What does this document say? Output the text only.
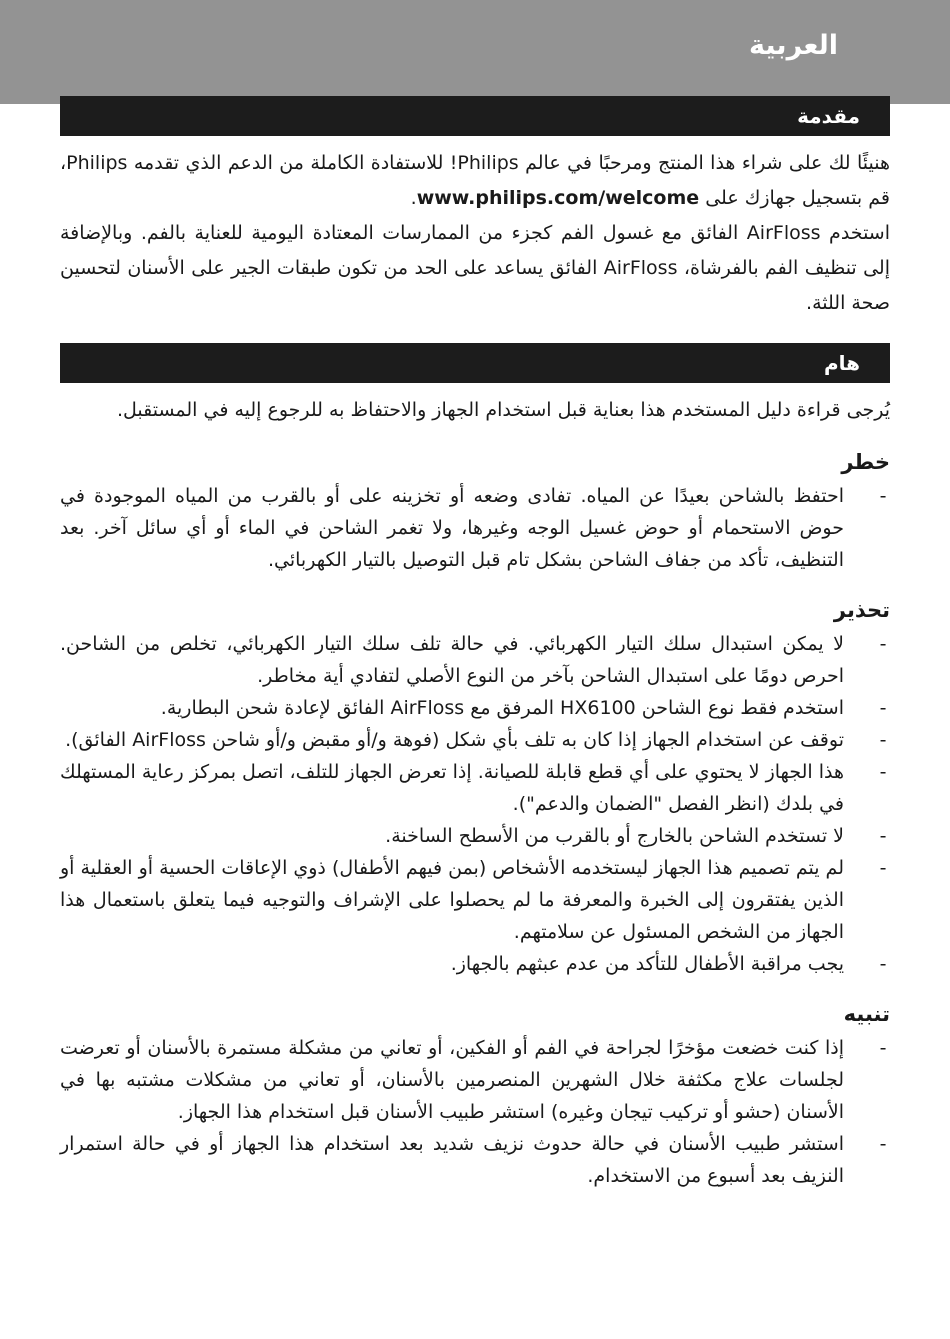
العربية
مقدمة

هنيئًا لك على شراء هذا المنتج ومرحبًا في عالم Philips! للاستفادة الكاملة من الدعم الذي تقدمه Philips، قم بتسجيل جهازك على www.philips.com/welcome.

استخدم AirFloss الفائق مع غسول الفم كجزء من الممارسات المعتادة اليومية للعناية بالفم. وبالإضافة إلى تنظيف الفم بالفرشاة، AirFloss الفائق يساعد على الحد من تكون طبقات الجير على الأسنان لتحسين صحة اللثة.

هام

يُرجى قراءة دليل المستخدم هذا بعناية قبل استخدام الجهاز والاحتفاظ به للرجوع إليه في المستقبل.

خطر
-
احتفظ بالشاحن بعيدًا عن المياه. تفادى وضعه أو تخزينه على أو بالقرب من المياه الموجودة في حوض الاستحمام أو حوض غسيل الوجه وغيرها، ولا تغمر الشاحن في الماء أو أي سائل آخر. بعد التنظيف، تأكد من جفاف الشاحن بشكل تام قبل التوصيل بالتيار الكهربائي.
تحذير
-
لا يمكن استبدال سلك التيار الكهربائي. في حالة تلف سلك التيار الكهربائي، تخلص من الشاحن. احرص دومًا على استبدال الشاحن بآخر من النوع الأصلي لتفادي أية مخاطر.
-
استخدم فقط نوع الشاحن HX6100 المرفق مع AirFloss الفائق لإعادة شحن البطارية.
-
توقف عن استخدام الجهاز إذا كان به تلف بأي شكل (فوهة و/أو مقبض و/أو شاحن AirFloss الفائق).
-
هذا الجهاز لا يحتوي على أي قطع قابلة للصيانة. إذا تعرض الجهاز للتلف، اتصل بمركز رعاية المستهلك في بلدك (انظر الفصل "الضمان والدعم").
-
لا تستخدم الشاحن بالخارج أو بالقرب من الأسطح الساخنة.
-
لم يتم تصميم هذا الجهاز ليستخدمه الأشخاص (بمن فيهم الأطفال) ذوي الإعاقات الحسية أو العقلية أو الذين يفتقرون إلى الخبرة والمعرفة ما لم يحصلوا على الإشراف والتوجيه فيما يتعلق باستعمال هذا الجهاز من الشخص المسئول عن سلامتهم.
-
يجب مراقبة الأطفال للتأكد من عدم عبثهم بالجهاز.
تنبيه
-
إذا كنت خضعت مؤخرًا لجراحة في الفم أو الفكين، أو تعاني من مشكلة مستمرة بالأسنان أو تعرضت لجلسات علاج مكثفة خلال الشهرين المنصرمين بالأسنان، أو تعاني من مشكلات مشتبه بها في الأسنان (حشو أو تركيب تيجان وغيره) استشر طبيب الأسنان قبل استخدام هذا الجهاز.
-
استشر طبيب الأسنان في حالة حدوث نزيف شديد بعد استخدام هذا الجهاز أو في حالة استمرار النزيف بعد أسبوع من الاستخدام.
